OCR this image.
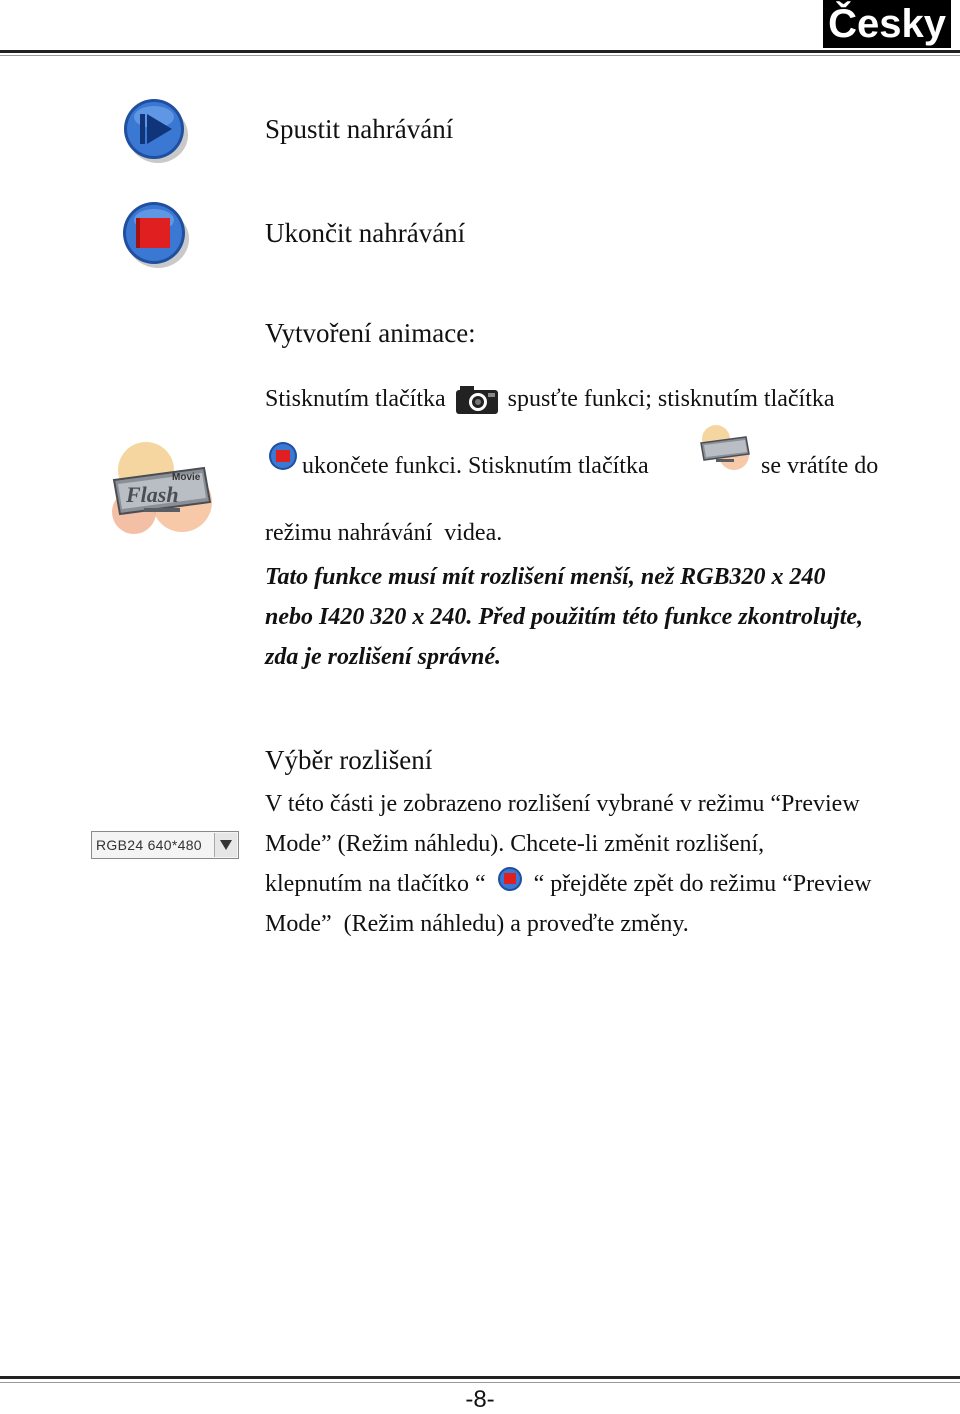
Česky
Spustit nahrávání
Ukončit nahrávání
Flash
Movie
Vytvoření animace:
Stisknutím tlačítka	spusťte funkci; stisknutím tlačítka
ukončete funkci. Stisknutím tlačítka	se vrátíte do
režimu nahrávání  videa.
Tato funkce musí mít rozlišení menší, než RGB320 x 240
nebo I420 320 x 240. Před použitím této funkce zkontrolujte,
zda je rozlišení správné.
RGB24 640*480
Výběr rozlišení
V této části je zobrazeno rozlišení vybrané v režimu “Preview
Mode” (Režim náhledu). Chcete-li změnit rozlišení,
klepnutím na tlačítko “ “ přejděte zpět do režimu “Preview
Mode”  (Režim náhledu) a proveďte změny.
-8-
